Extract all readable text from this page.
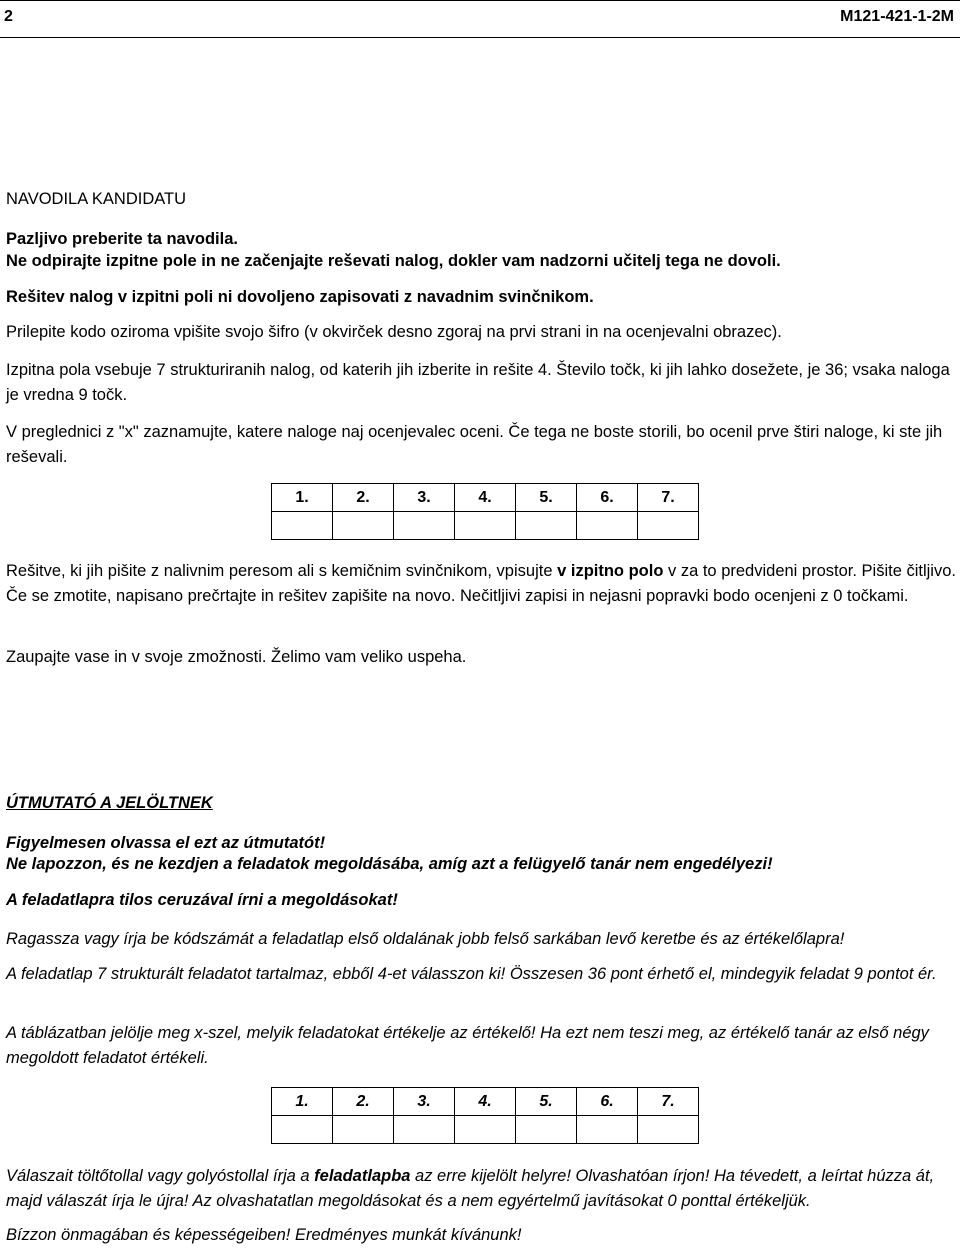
2	M121-421-1-2M

NAVODILA KANDIDATU

Pazljivo preberite ta navodila.

Ne odpirajte izpitne pole in ne začenjajte reševati nalog, dokler vam nadzorni učitelj tega ne dovoli.

Rešitev nalog v izpitni poli ni dovoljeno zapisovati z navadnim svinčnikom.

Prilepite kodo oziroma vpišite svojo šifro (v okvirček desno zgoraj na prvi strani in na ocenjevalni obrazec).

Izpitna pola vsebuje 7 strukturiranih nalog, od katerih jih izberite in rešite 4. Število točk, ki jih lahko dosežete, je 36; vsaka naloga je vredna 9 točk.

V preglednici z "x" zaznamujte, katere naloge naj ocenjevalec oceni. Če tega ne boste storili, bo ocenil prve štiri naloge, ki ste jih reševali.

1.	2.	3.	4.	5.	6.	7.

Rešitve, ki jih pišite z nalivnim peresom ali s kemičnim svinčnikom, vpisujte v izpitno polo v za to predvideni prostor. Pišite čitljivo. Če se zmotite, napisano prečrtajte in rešitev zapišite na novo. Nečitljivi zapisi in nejasni popravki bodo ocenjeni z 0 točkami.

Zaupajte vase in v svoje zmožnosti. Želimo vam veliko uspeha.

ÚTMUTATÓ A JELÖLTNEK

Figyelmesen olvassa el ezt az útmutatót!

Ne lapozzon, és ne kezdjen a feladatok megoldásába, amíg azt a felügyelő tanár nem engedélyezi!

A feladatlapra tilos ceruzával írni a megoldásokat!

Ragassza vagy írja be kódszámát a feladatlap első oldalának jobb felső sarkában levő keretbe és az értékelőlapra!

A feladatlap 7 strukturált feladatot tartalmaz, ebből 4-et válasszon ki! Összesen 36 pont érhető el, mindegyik feladat 9 pontot ér.

A táblázatban jelölje meg x-szel, melyik feladatokat értékelje az értékelő! Ha ezt nem teszi meg, az értékelő tanár az első négy megoldott feladatot értékeli.

1.	2.	3.	4.	5.	6.	7.

Válaszait töltőtollal vagy golyóstollal írja a feladatlapba az erre kijelölt helyre! Olvashatóan írjon! Ha tévedett, a leírtat húzza át, majd válaszát írja le újra! Az olvashatatlan megoldásokat és a nem egyértelmű javításokat 0 ponttal értékeljük.

Bízzon önmagában és képességeiben! Eredményes munkát kívánunk!
